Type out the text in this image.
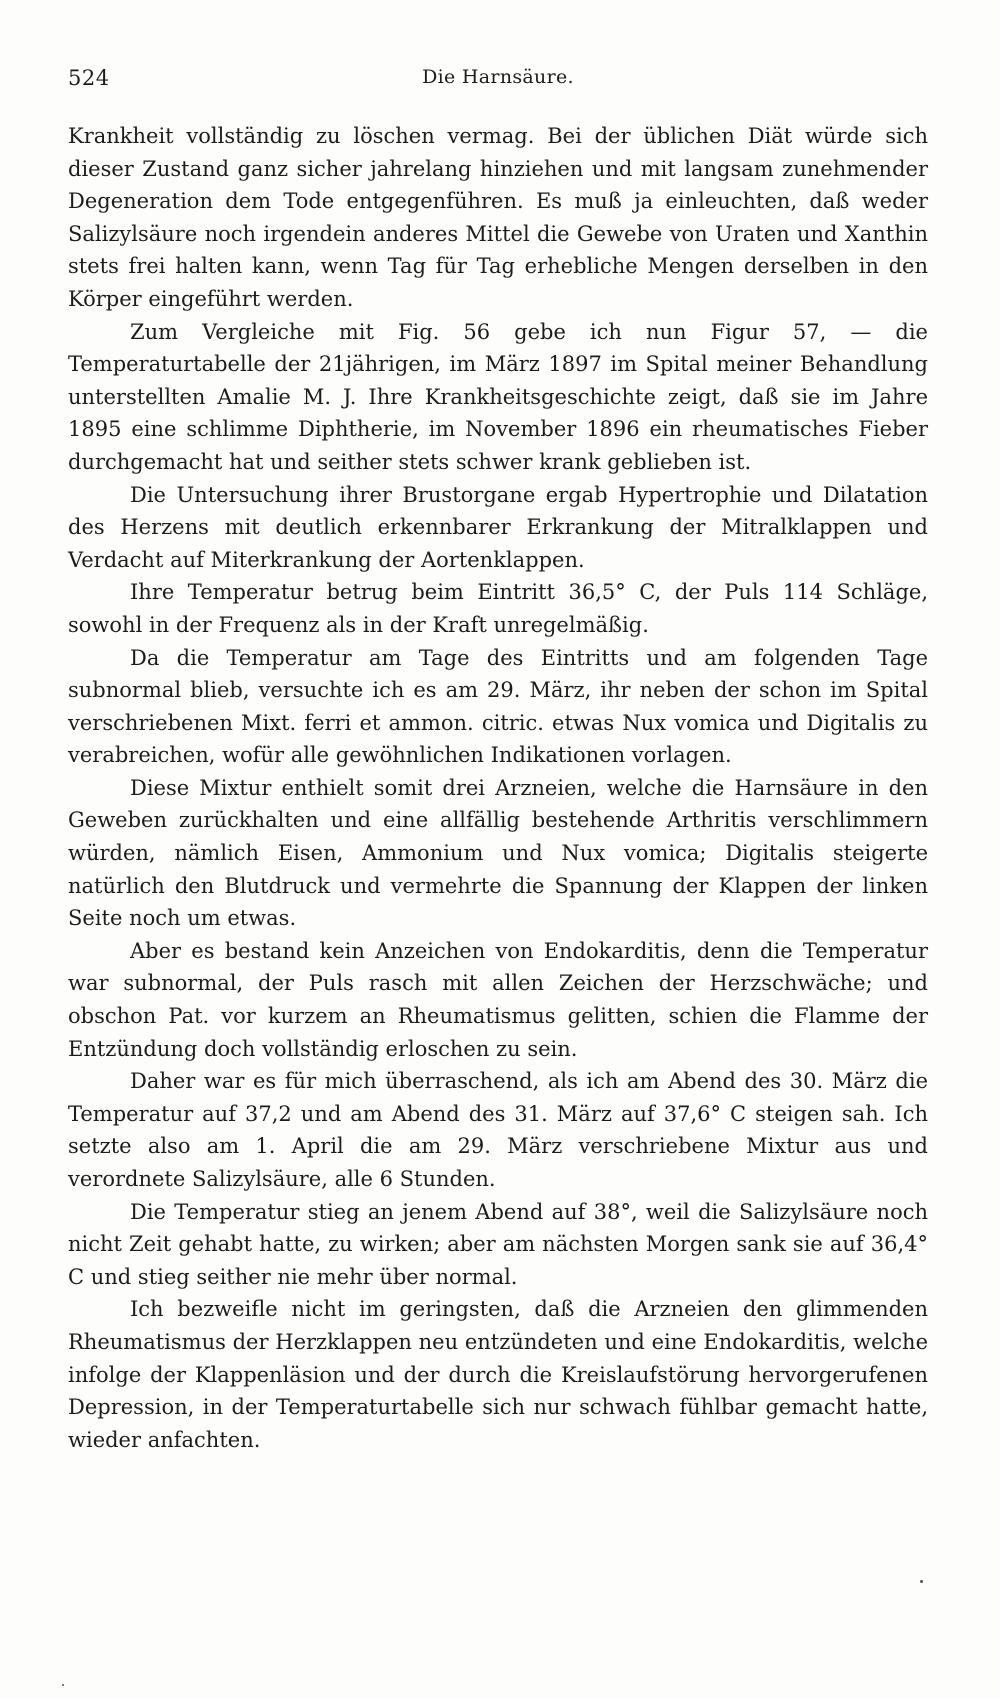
524	Die Harnsäure.

Krankheit vollständig zu löschen vermag. Bei der üblichen Diät würde sich dieser Zustand ganz sicher jahrelang hinziehen und mit langsam zunehmender Degeneration dem Tode entgegenführen. Es muß ja einleuchten, daß weder Salizylsäure noch irgendein anderes Mittel die Gewebe von Uraten und Xanthin stets frei halten kann, wenn Tag für Tag erhebliche Mengen derselben in den Körper eingeführt werden.

Zum Vergleiche mit Fig. 56 gebe ich nun Figur 57, — die Temperaturtabelle der 21jährigen, im März 1897 im Spital meiner Behandlung unterstellten Amalie M. J. Ihre Krankheitsgeschichte zeigt, daß sie im Jahre 1895 eine schlimme Diphtherie, im November 1896 ein rheumatisches Fieber durchgemacht hat und seither stets schwer krank geblieben ist.

Die Untersuchung ihrer Brustorgane ergab Hypertrophie und Dilatation des Herzens mit deutlich erkennbarer Erkrankung der Mitralklappen und Verdacht auf Miterkrankung der Aortenklappen.

Ihre Temperatur betrug beim Eintritt 36,5° C, der Puls 114 Schläge, sowohl in der Frequenz als in der Kraft unregelmäßig.

Da die Temperatur am Tage des Eintritts und am folgenden Tage subnormal blieb, versuchte ich es am 29. März, ihr neben der schon im Spital verschriebenen Mixt. ferri et ammon. citric. etwas Nux vomica und Digitalis zu verabreichen, wofür alle gewöhnlichen Indikationen vorlagen.

Diese Mixtur enthielt somit drei Arzneien, welche die Harnsäure in den Geweben zurückhalten und eine allfällig bestehende Arthritis verschlimmern würden, nämlich Eisen, Ammonium und Nux vomica; Digitalis steigerte natürlich den Blutdruck und vermehrte die Spannung der Klappen der linken Seite noch um etwas.

Aber es bestand kein Anzeichen von Endokarditis, denn die Temperatur war subnormal, der Puls rasch mit allen Zeichen der Herzschwäche; und obschon Pat. vor kurzem an Rheumatismus gelitten, schien die Flamme der Entzündung doch vollständig erloschen zu sein.

Daher war es für mich überraschend, als ich am Abend des 30. März die Temperatur auf 37,2 und am Abend des 31. März auf 37,6° C steigen sah. Ich setzte also am 1. April die am 29. März verschriebene Mixtur aus und verordnete Salizylsäure, alle 6 Stunden.

Die Temperatur stieg an jenem Abend auf 38°, weil die Salizylsäure noch nicht Zeit gehabt hatte, zu wirken; aber am nächsten Morgen sank sie auf 36,4° C und stieg seither nie mehr über normal.

Ich bezweifle nicht im geringsten, daß die Arzneien den glimmenden Rheumatismus der Herzklappen neu entzündeten und eine Endokarditis, welche infolge der Klappenläsion und der durch die Kreislaufstörung hervorgerufenen Depression, in der Temperaturtabelle sich nur schwach fühlbar gemacht hatte, wieder anfachten.
